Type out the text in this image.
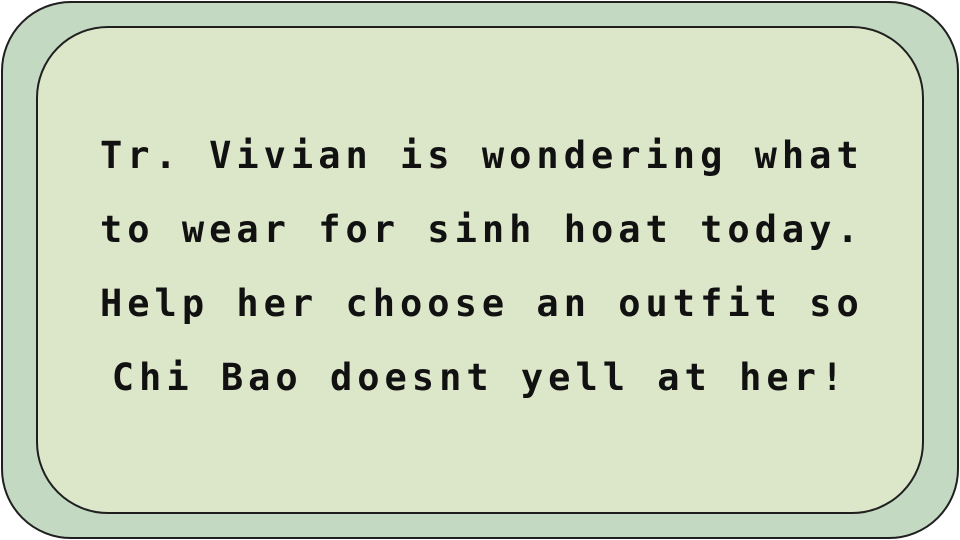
Tr. Vivian is wondering what
to wear for sinh hoat today.
Help her choose an outfit so
Chi Bao doesnt yell at her!
